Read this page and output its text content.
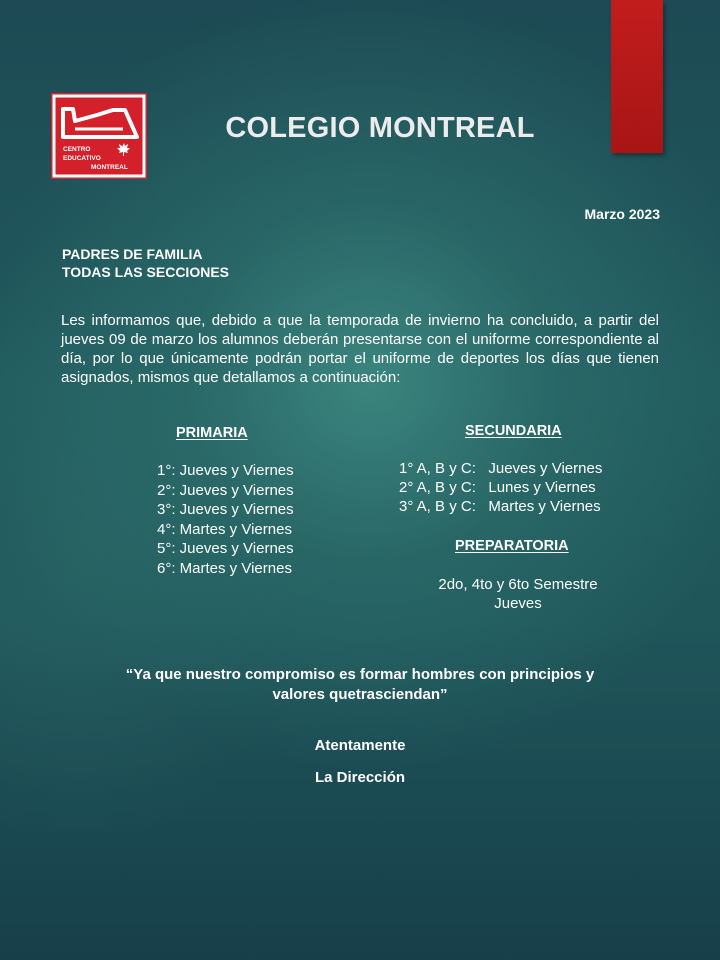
CENTRO
EDUCATIVO
MONTREAL
COLEGIO MONTREAL
Marzo 2023
PADRES DE FAMILIA
TODAS LAS SECCIONES
Les informamos que, debido a que la temporada de invierno ha concluido, a partir del jueves 09 de marzo los alumnos deberán presentarse con el uniforme correspondiente al día, por lo que únicamente podrán portar el uniforme de deportes los días que tienen asignados, mismos que detallamos a continuación:
PRIMARIA
1°: Jueves y Viernes
2°: Jueves y Viernes
3°: Jueves y Viernes
4°: Martes y Viernes
5°: Jueves y Viernes
6°: Martes y Viernes
SECUNDARIA
1° A, B y C:   Jueves y Viernes
2° A, B y C:   Lunes y Viernes
3° A, B y C:   Martes y Viernes
PREPARATORIA
2do, 4to y 6to Semestre
Jueves
“Ya que nuestro compromiso es formar hombres con principios y
valores quetrasciendan”
Atentamente
La Dirección
